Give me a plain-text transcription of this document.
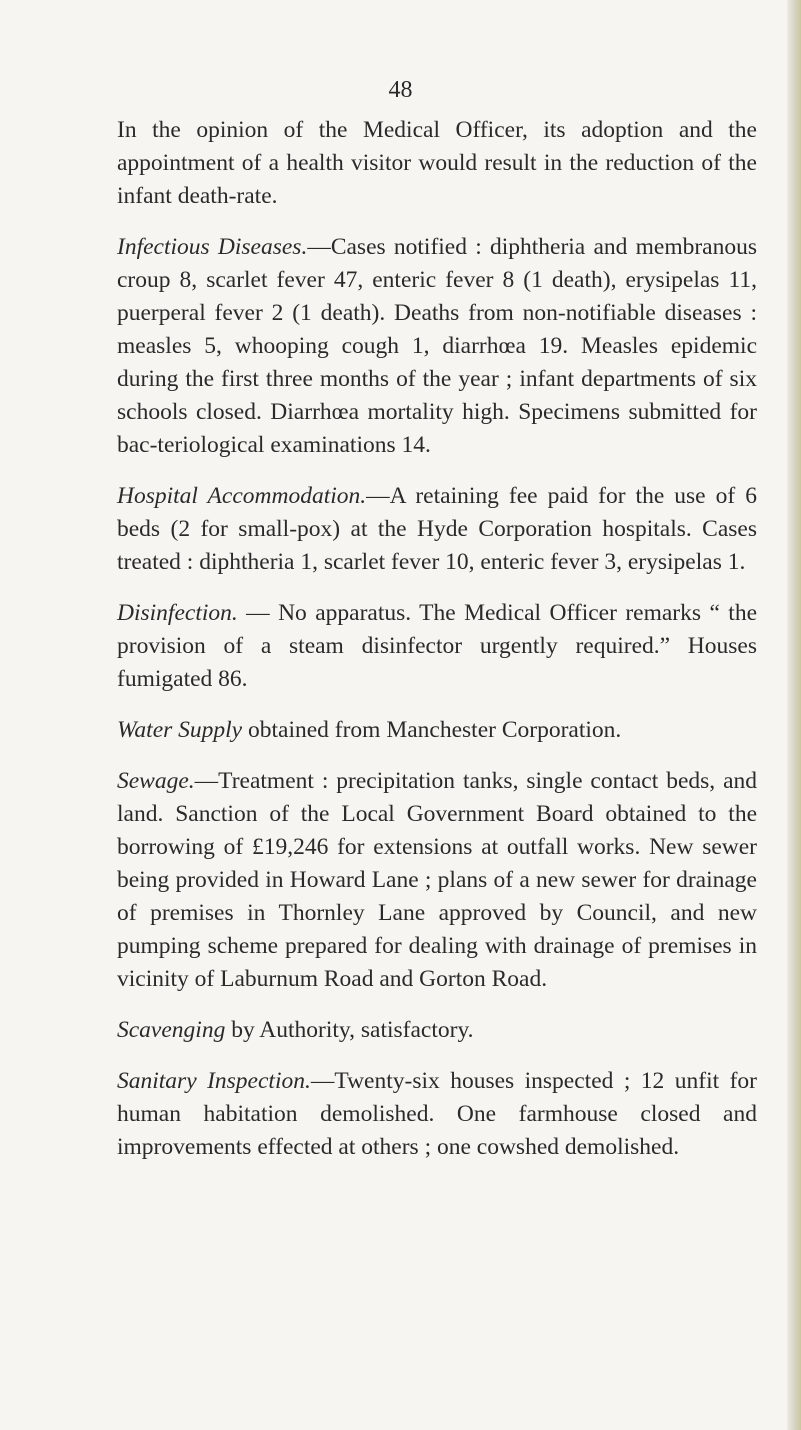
48

In the opinion of the Medical Officer, its adoption and the appointment of a health visitor would result in the reduction of the infant death-rate.

Infectious Diseases.—Cases notified : diphtheria and membranous croup 8, scarlet fever 47, enteric fever 8 (1 death), erysipelas 11, puerperal fever 2 (1 death). Deaths from non-notifiable diseases : measles 5, whooping cough 1, diarrhœa 19. Measles epidemic during the first three months of the year ; infant departments of six schools closed. Diarrhœa mortality high. Specimens submitted for bac-teriological examinations 14.

Hospital Accommodation.—A retaining fee paid for the use of 6 beds (2 for small-pox) at the Hyde Corporation hospitals. Cases treated : diphtheria 1, scarlet fever 10, enteric fever 3, erysipelas 1.

Disinfection. — No apparatus. The Medical Officer remarks “ the provision of a steam disinfector urgently required.” Houses fumigated 86.

Water Supply obtained from Manchester Corporation.

Sewage.—Treatment : precipitation tanks, single contact beds, and land. Sanction of the Local Government Board obtained to the borrowing of £19,246 for extensions at outfall works. New sewer being provided in Howard Lane ; plans of a new sewer for drainage of premises in Thornley Lane approved by Council, and new pumping scheme prepared for dealing with drainage of premises in vicinity of Laburnum Road and Gorton Road.

Scavenging by Authority, satisfactory.

Sanitary Inspection.—Twenty-six houses inspected ; 12 unfit for human habitation demolished. One farmhouse closed and improvements effected at others ; one cowshed demolished.
